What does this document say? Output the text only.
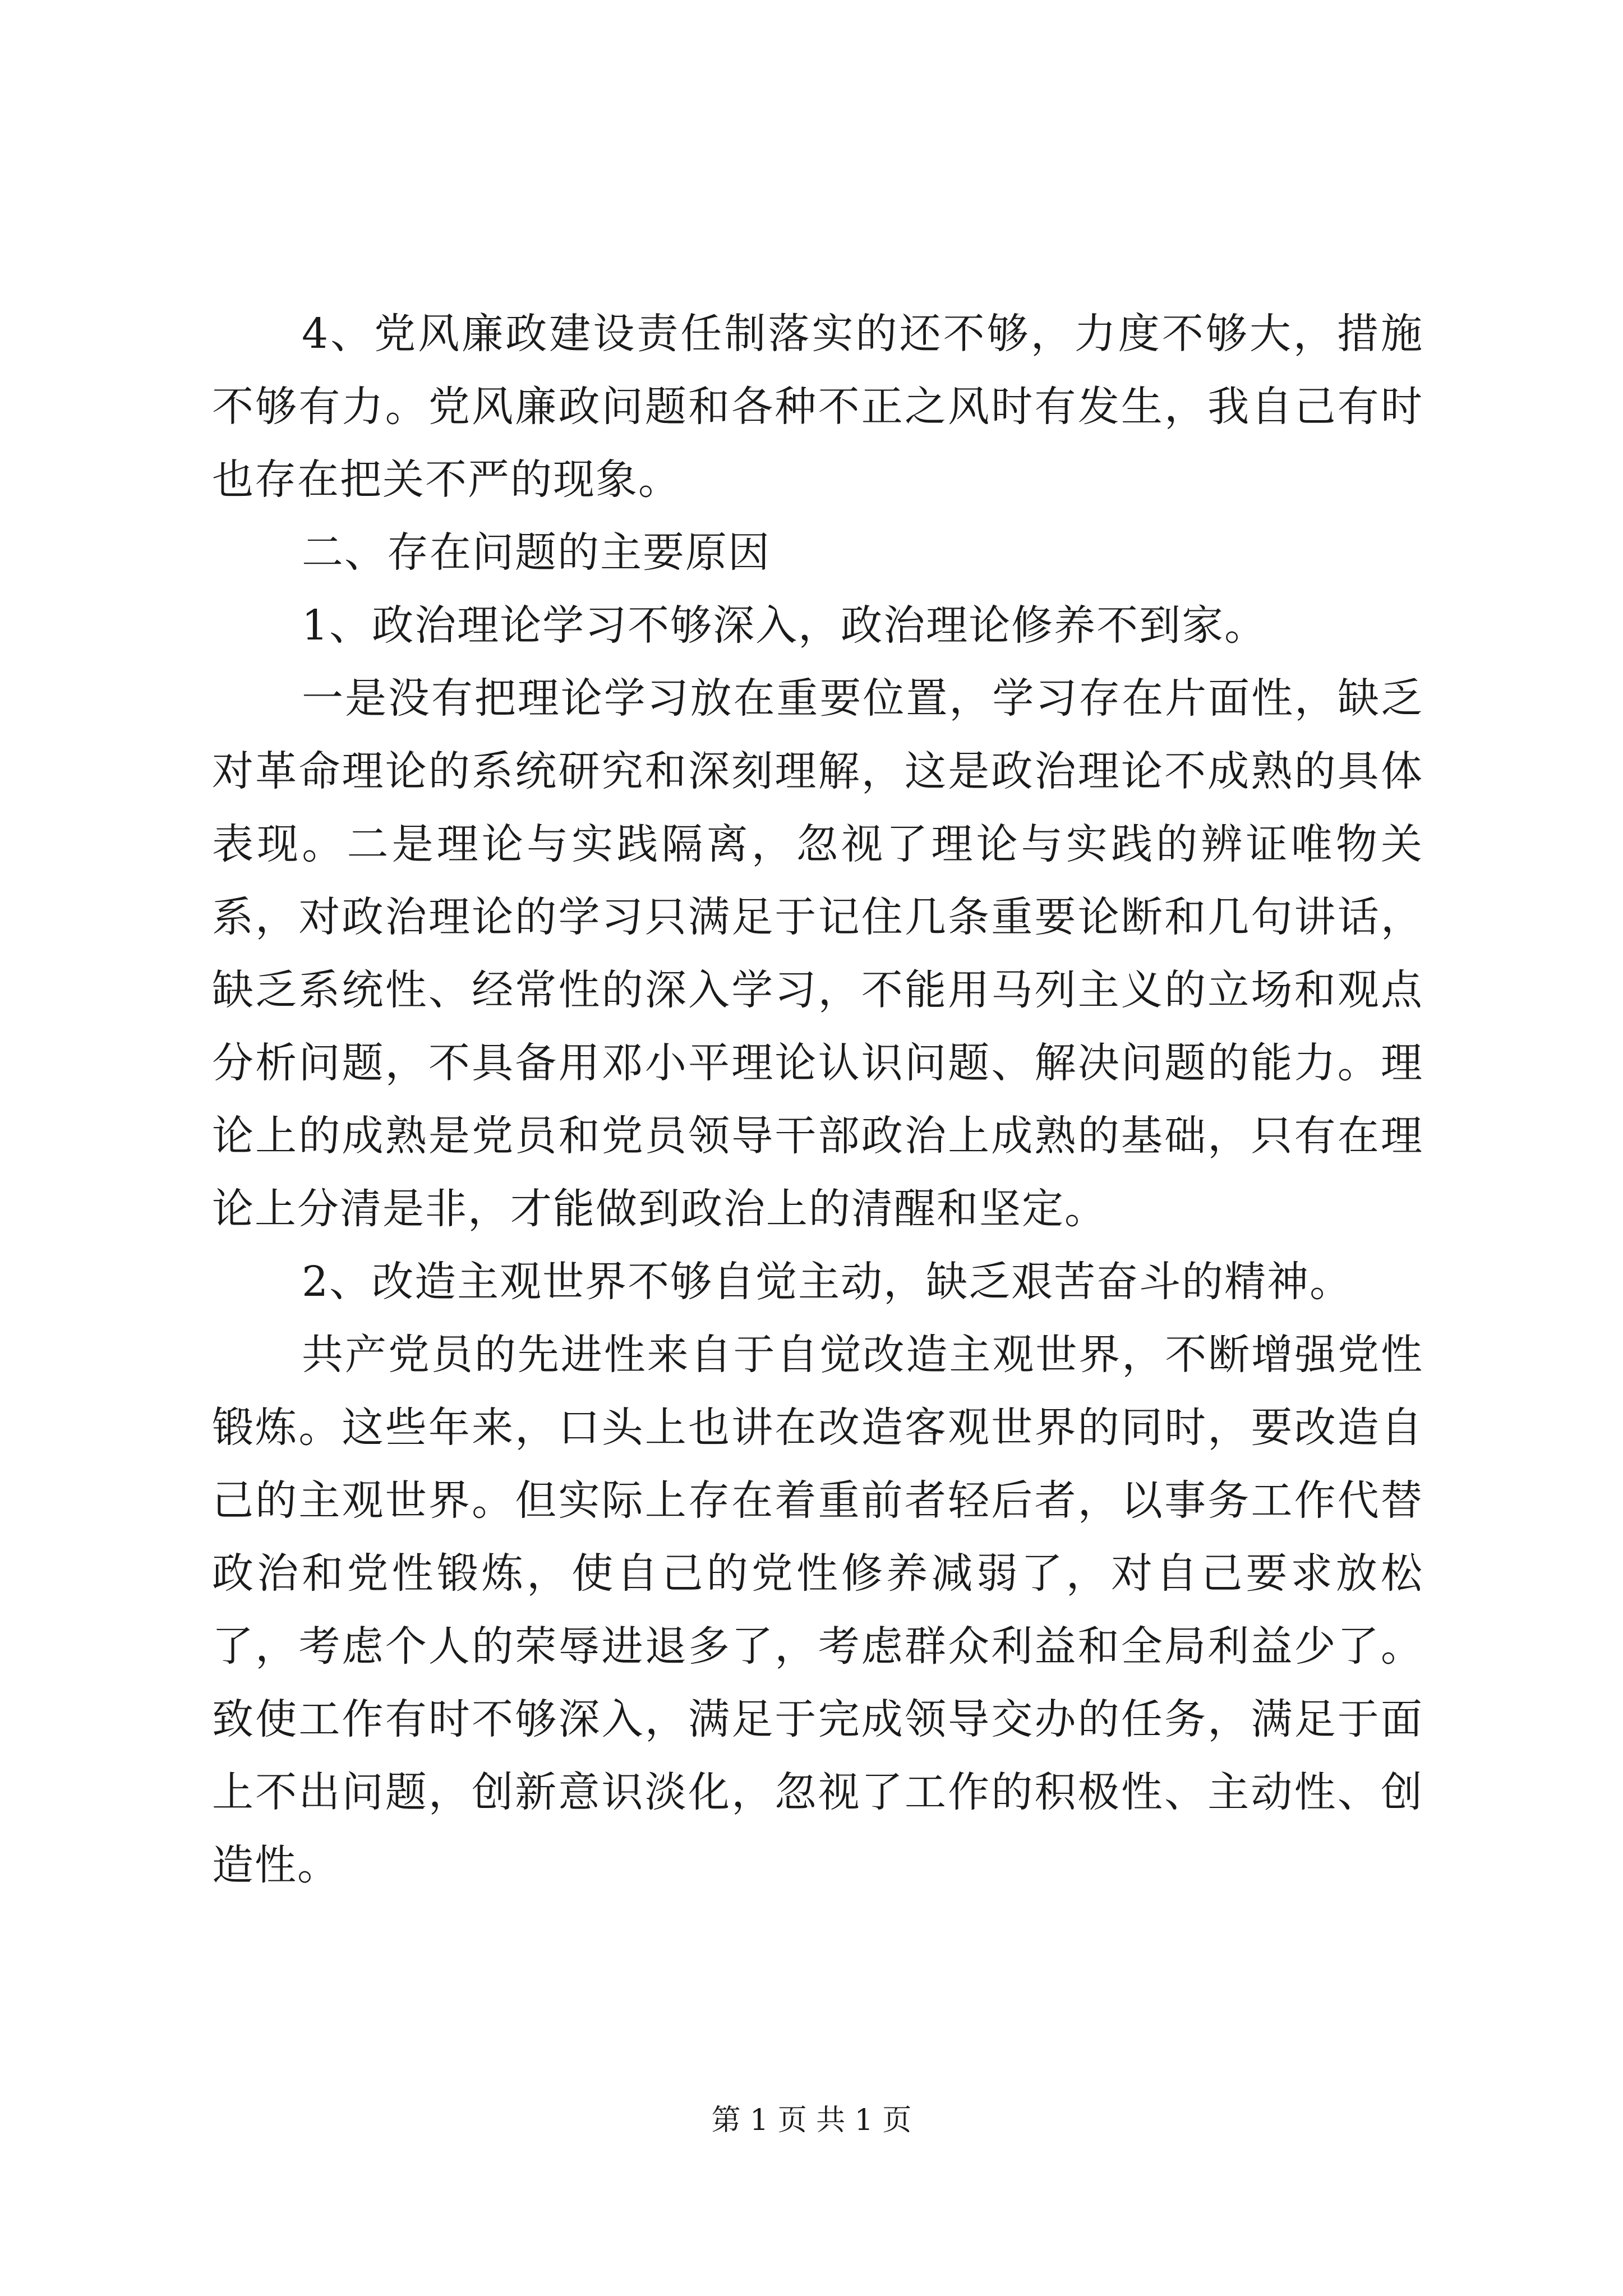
4、党风廉政建设责任制落实的还不够，力度不够大，措施不够有力。党风廉政问题和各种不正之风时有发生，我自己有时也存在把关不严的现象。

二、存在问题的主要原因

1、政治理论学习不够深入，政治理论修养不到家。

一是没有把理论学习放在重要位置，学习存在片面性，缺乏对革命理论的系统研究和深刻理解，这是政治理论不成熟的具体表现。二是理论与实践隔离，忽视了理论与实践的辨证唯物关系，对政治理论的学习只满足于记住几条重要论断和几句讲话，缺乏系统性、经常性的深入学习，不能用马列主义的立场和观点分析问题，不具备用邓小平理论认识问题、解决问题的能力。理论上的成熟是党员和党员领导干部政治上成熟的基础，只有在理论上分清是非，才能做到政治上的清醒和坚定。

2、改造主观世界不够自觉主动，缺乏艰苦奋斗的精神。

共产党员的先进性来自于自觉改造主观世界，不断增强党性锻炼。这些年来，口头上也讲在改造客观世界的同时，要改造自己的主观世界。但实际上存在着重前者轻后者，以事务工作代替政治和党性锻炼，使自己的党性修养减弱了，对自己要求放松了，考虑个人的荣辱进退多了，考虑群众利益和全局利益少了。致使工作有时不够深入，满足于完成领导交办的任务，满足于面上不出问题，创新意识淡化，忽视了工作的积极性、主动性、创造性。

第 1 页 共 1 页
